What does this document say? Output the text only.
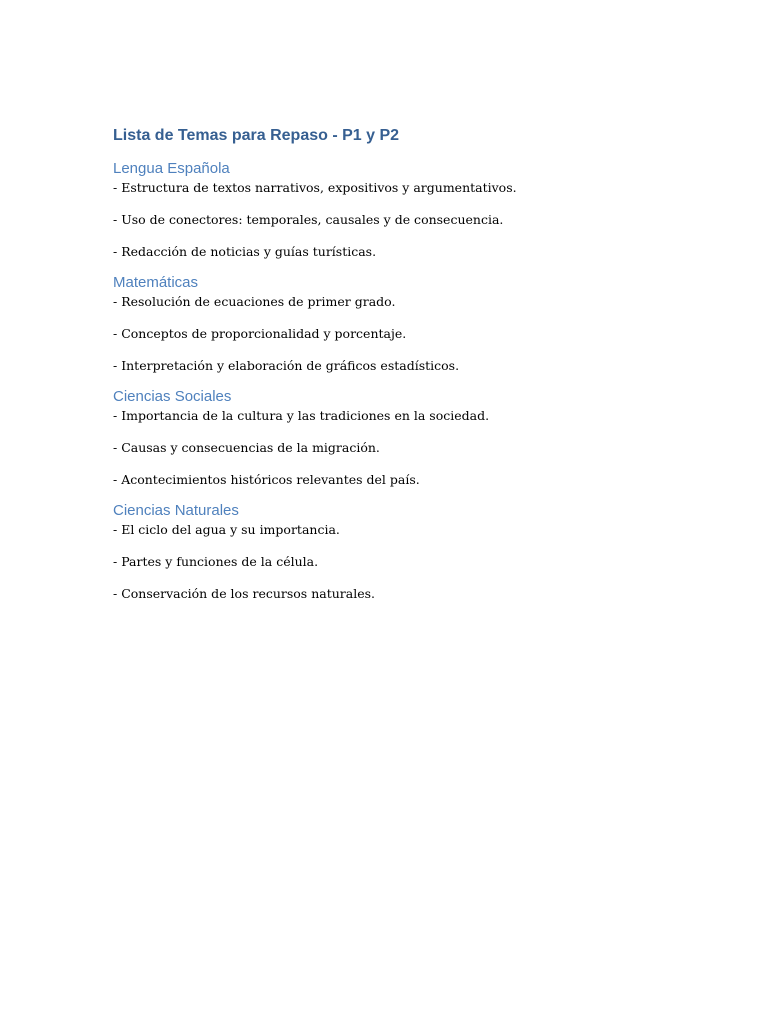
Lista de Temas para Repaso - P1 y P2
Lengua Española

- Estructura de textos narrativos, expositivos y argumentativos.

- Uso de conectores: temporales, causales y de consecuencia.

- Redacción de noticias y guías turísticas.

Matemáticas

- Resolución de ecuaciones de primer grado.

- Conceptos de proporcionalidad y porcentaje.

- Interpretación y elaboración de gráficos estadísticos.

Ciencias Sociales

- Importancia de la cultura y las tradiciones en la sociedad.

- Causas y consecuencias de la migración.

- Acontecimientos históricos relevantes del país.

Ciencias Naturales

- El ciclo del agua y su importancia.

- Partes y funciones de la célula.

- Conservación de los recursos naturales.
